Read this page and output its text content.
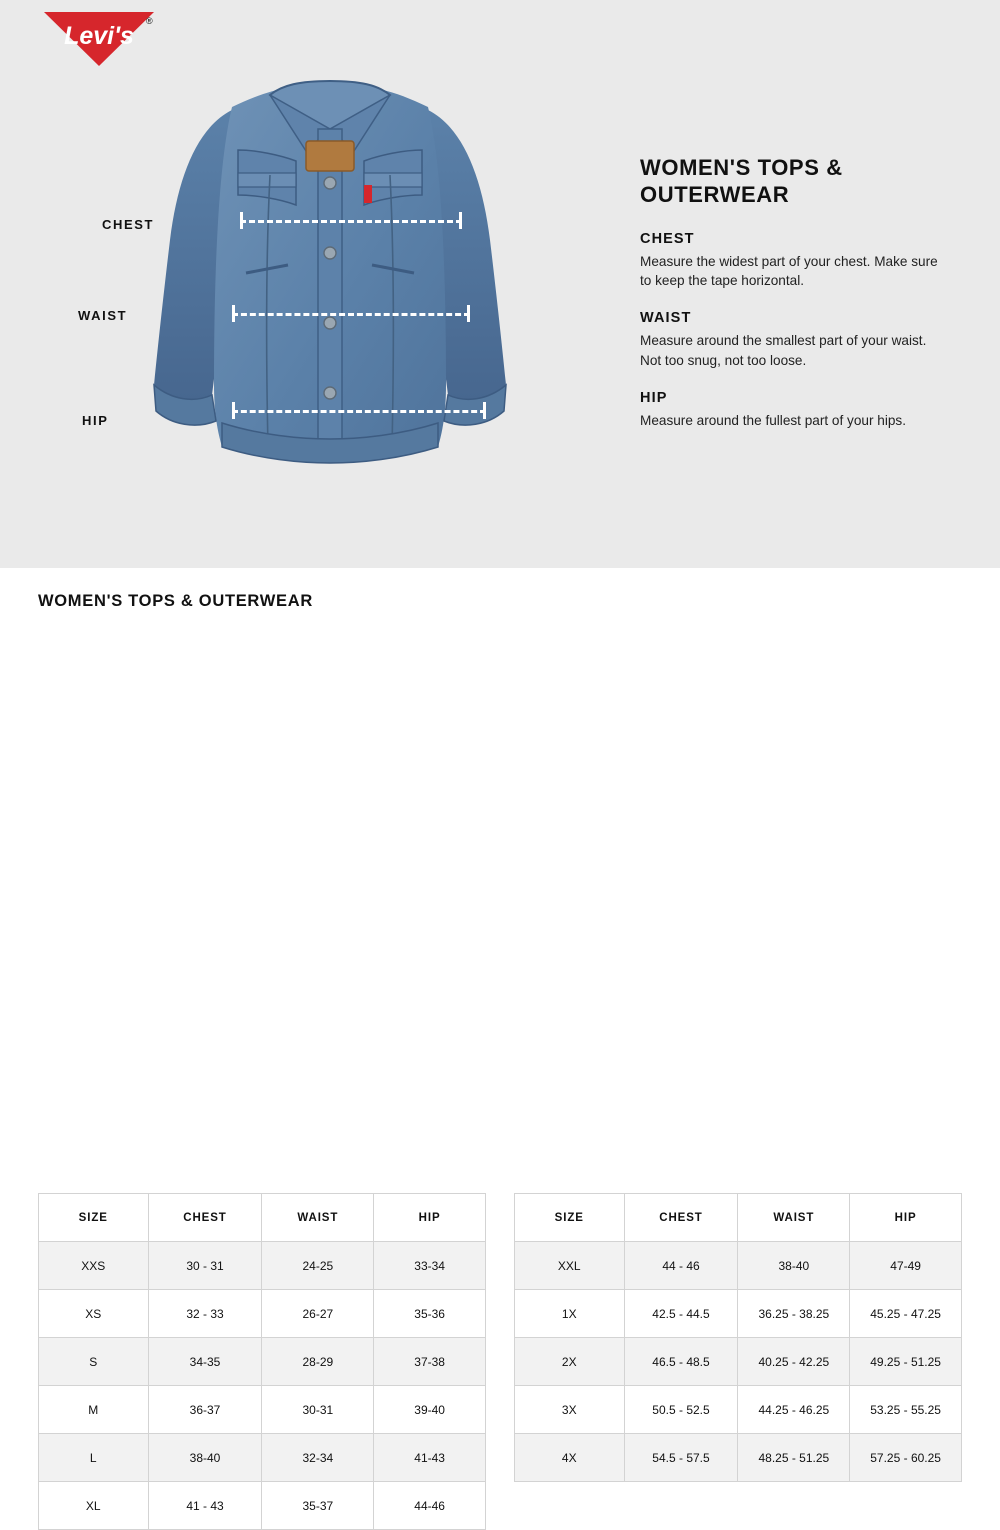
Levi's
®
CHEST
WAIST
HIP
WOMEN'S TOPS & OUTERWEAR
CHEST

Measure the widest part of your chest. Make sure to keep the tape horizontal.

WAIST

Measure around the smallest part of your waist. Not too snug, not too loose.

HIP

Measure around the fullest part of your hips.

WOMEN'S TOPS & OUTERWEAR
SIZE	CHEST	WAIST	HIP
XXS	30 - 31	24-25	33-34
XS	32 - 33	26-27	35-36
S	34-35	28-29	37-38
M	36-37	30-31	39-40
L	38-40	32-34	41-43
XL	41 - 43	35-37	44-46
SIZE	CHEST	WAIST	HIP
XXL	44 - 46	38-40	47-49
1X	42.5 - 44.5	36.25 - 38.25	45.25 - 47.25
2X	46.5 - 48.5	40.25 - 42.25	49.25 - 51.25
3X	50.5 - 52.5	44.25 - 46.25	53.25 - 55.25
4X	54.5 - 57.5	48.25 - 51.25	57.25 - 60.25
